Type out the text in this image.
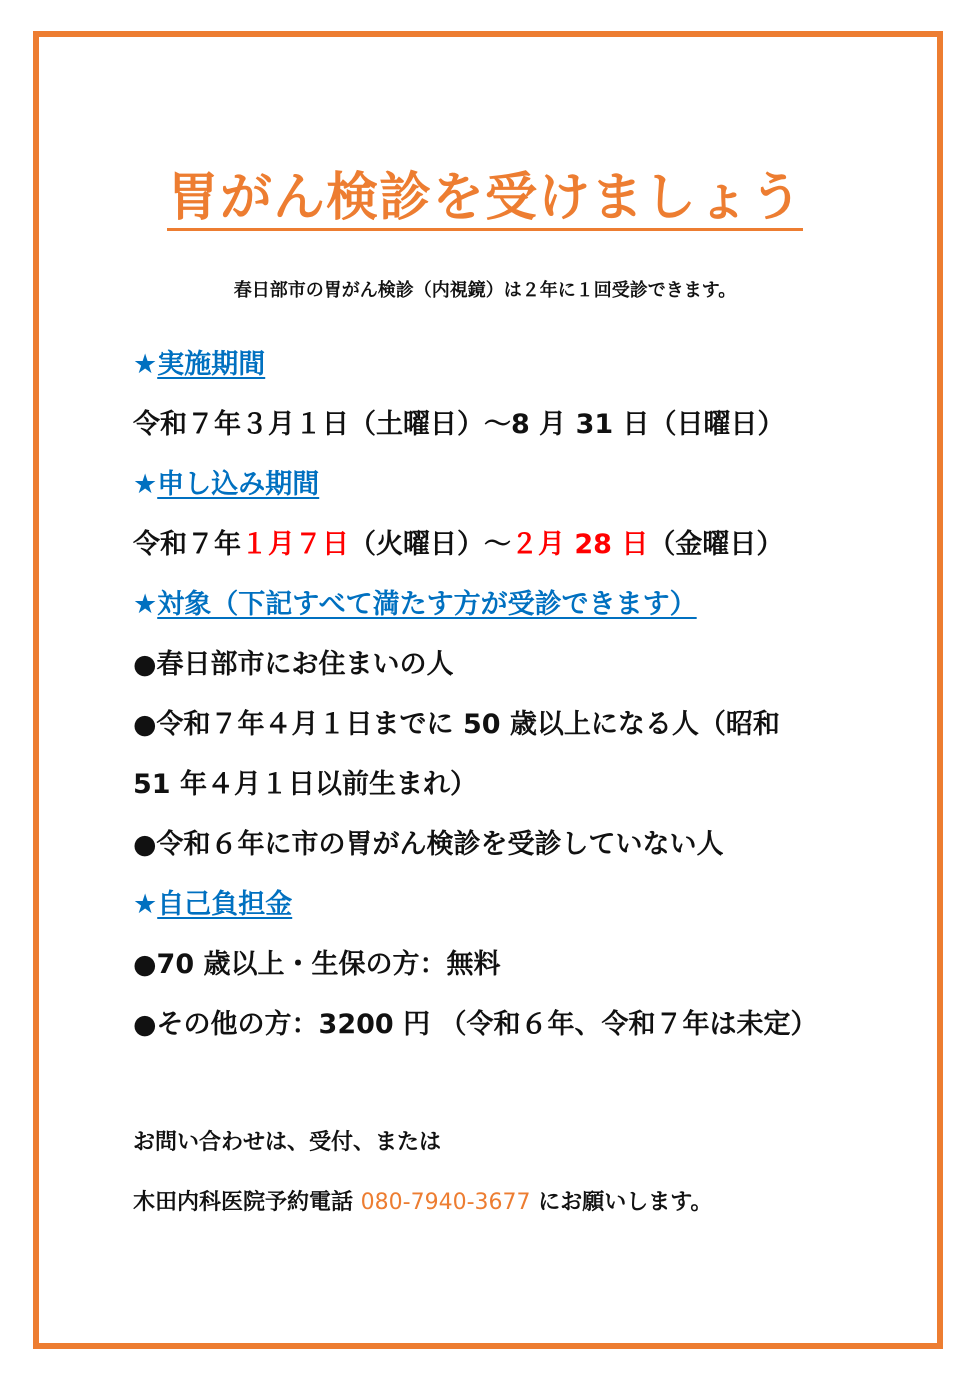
胃がん検診を受けましょう
春日部市の胃がん検診（内視鏡）は２年に１回受診できます。
★実施期間
令和７年３月１日（土曜日）～8 月 31 日（日曜日）
★申し込み期間
令和７年１月７日（火曜日）～２月 28 日（金曜日）
★対象（下記すべて満たす方が受診できます）
●春日部市にお住まいの人
●令和７年４月１日までに 50 歳以上になる人（昭和
51 年４月１日以前生まれ）
●令和６年に市の胃がん検診を受診していない人
★自己負担金
●70 歳以上・生保の方：無料
●その他の方：3200 円 （令和６年、令和７年は未定）
お問い合わせは、受付、または
木田内科医院予約電話 080-7940-3677 にお願いします。
